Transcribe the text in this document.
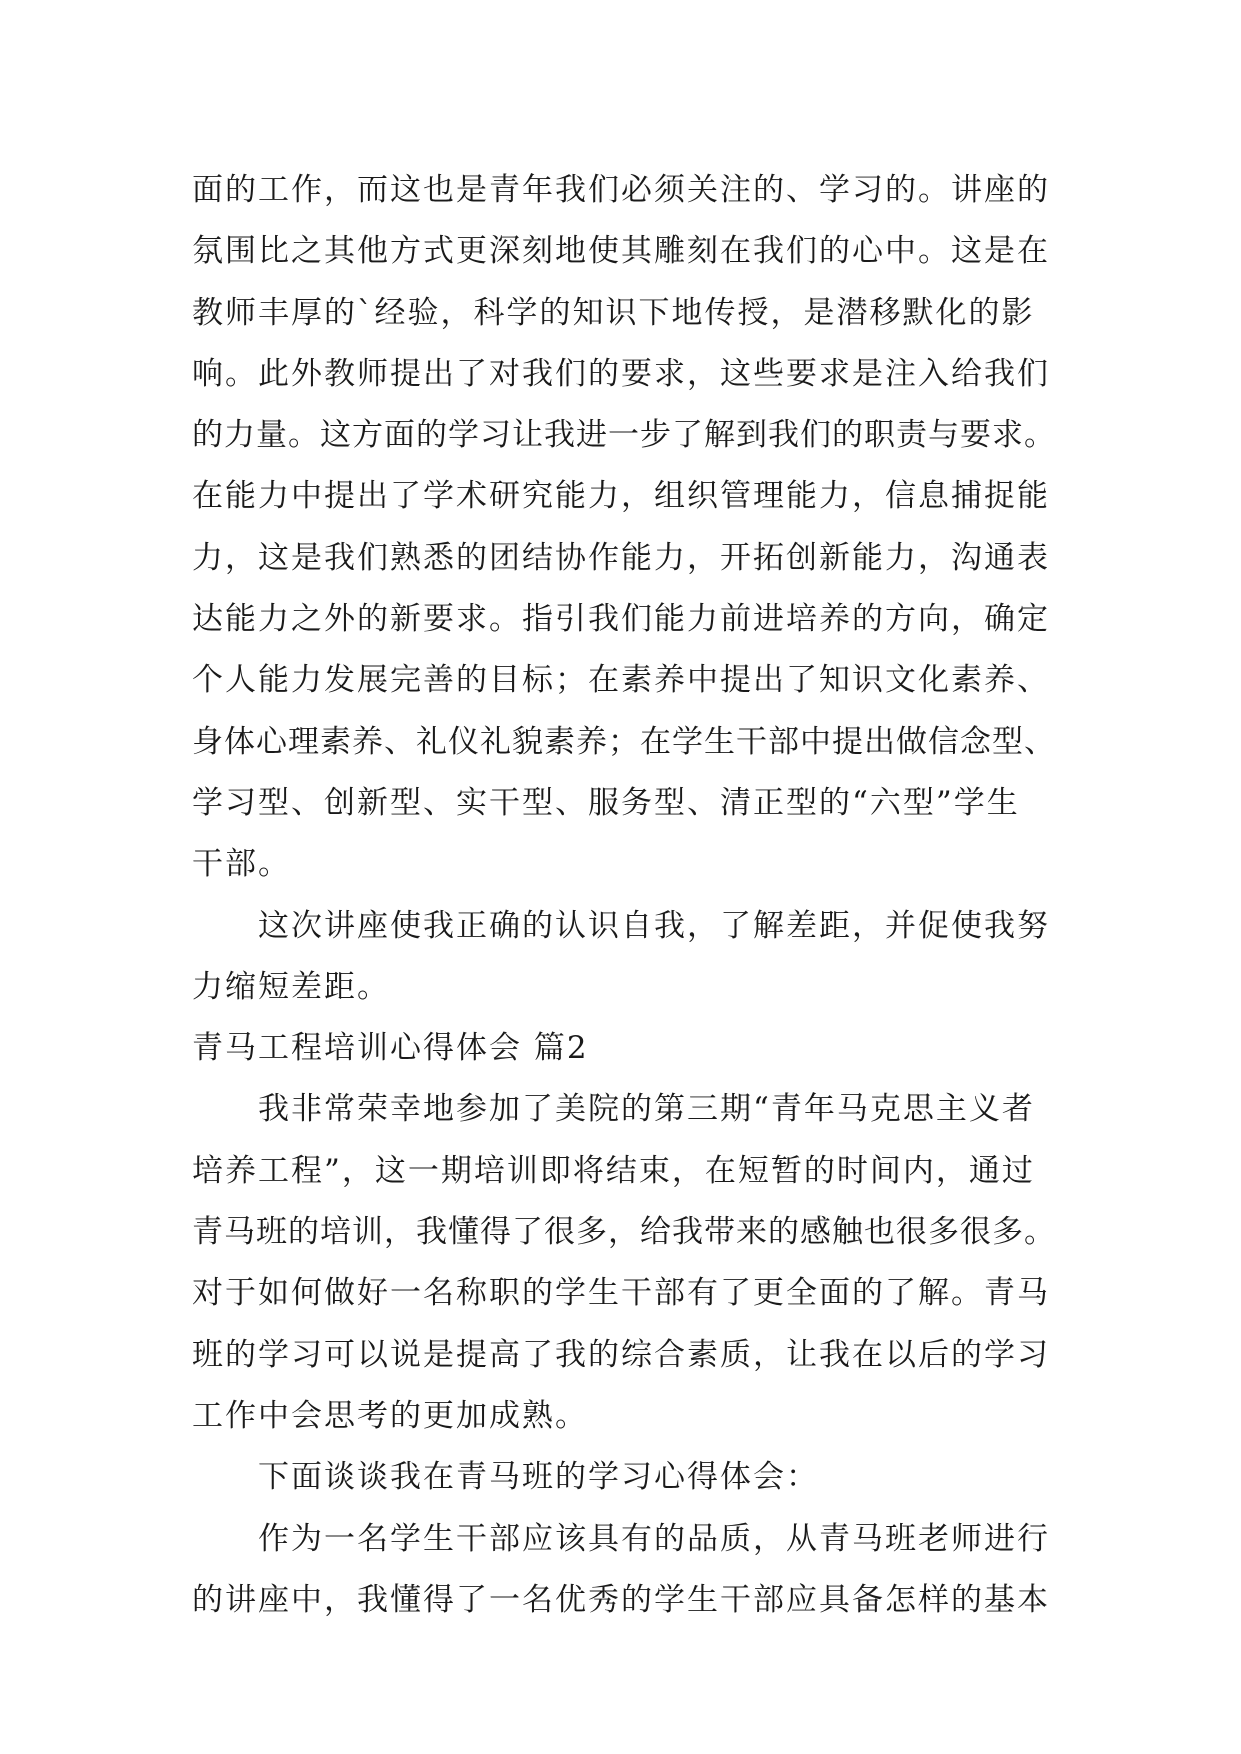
面的工作，而这也是青年我们必须关注的、学习的。讲座的
氛围比之其他方式更深刻地使其雕刻在我们的心中。这是在
教师丰厚的`经验，科学的知识下地传授，是潜移默化的影
响。此外教师提出了对我们的要求，这些要求是注入给我们
的力量。这方面的学习让我进一步了解到我们的职责与要求。
在能力中提出了学术研究能力，组织管理能力，信息捕捉能
力，这是我们熟悉的团结协作能力，开拓创新能力，沟通表
达能力之外的新要求。指引我们能力前进培养的方向，确定
个人能力发展完善的目标；在素养中提出了知识文化素养、
身体心理素养、礼仪礼貌素养；在学生干部中提出做信念型、
学习型、创新型、实干型、服务型、清正型的“六型”学生
干部。
这次讲座使我正确的认识自我，了解差距，并促使我努
力缩短差距。
青马工程培训心得体会 篇2
我非常荣幸地参加了美院的第三期“青年马克思主义者
培养工程”，这一期培训即将结束，在短暂的时间内，通过
青马班的培训，我懂得了很多，给我带来的感触也很多很多。
对于如何做好一名称职的学生干部有了更全面的了解。青马
班的学习可以说是提高了我的综合素质，让我在以后的学习
工作中会思考的更加成熟。
下面谈谈我在青马班的学习心得体会：
作为一名学生干部应该具有的品质，从青马班老师进行
的讲座中，我懂得了一名优秀的学生干部应具备怎样的基本
